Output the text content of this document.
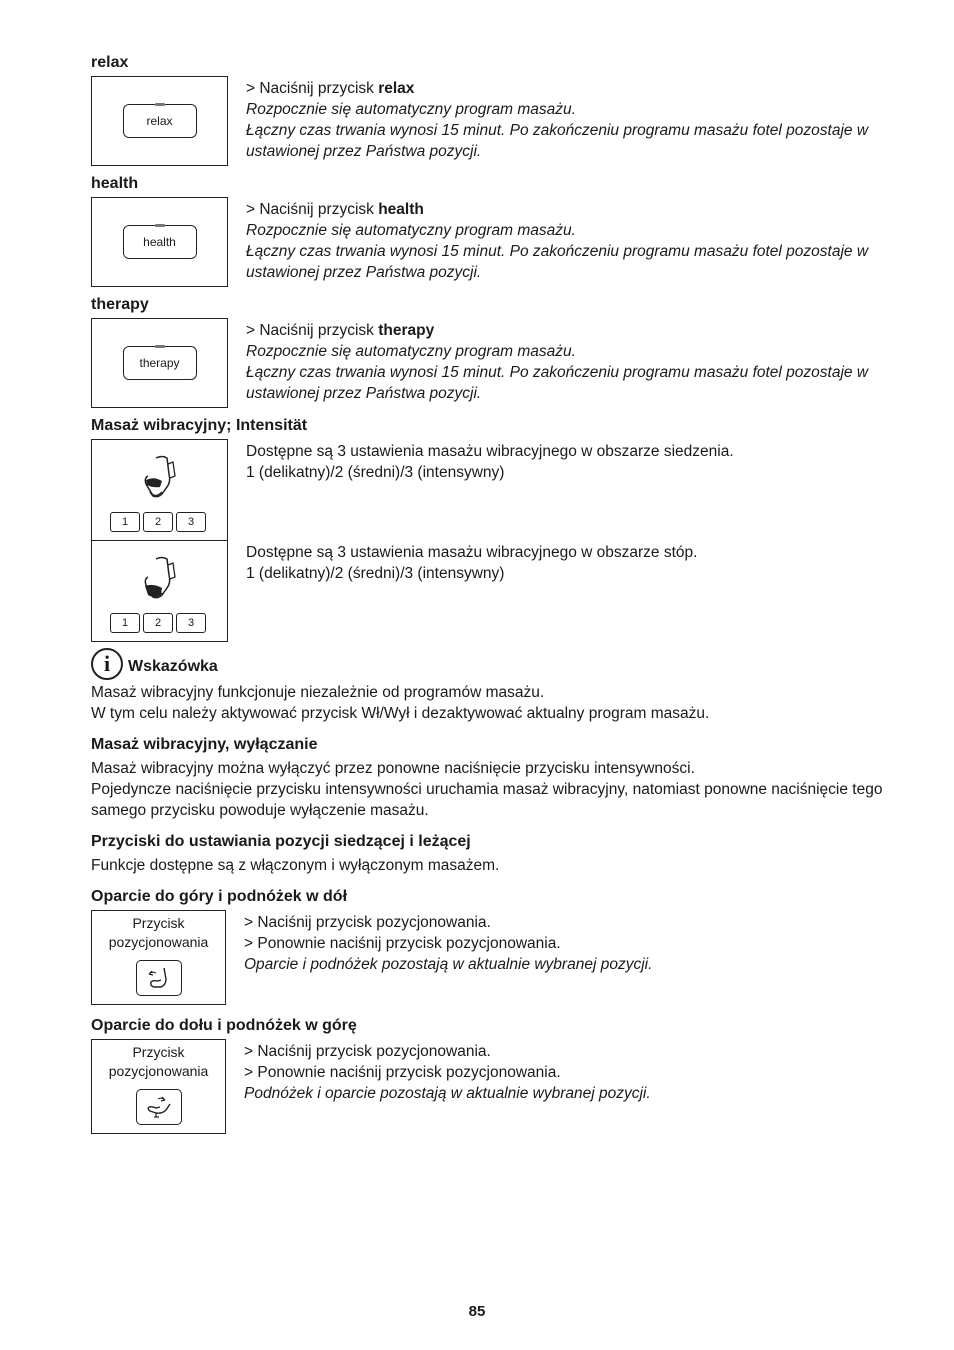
relax
relax

> Naciśnij przycisk relax

Rozpocznie się automatyczny program masażu.

Łączny czas trwania wynosi 15 minut. Po zakończeniu programu masażu fotel pozostaje w ustawionej przez Państwa pozycji.

health
health

> Naciśnij przycisk health

Rozpocznie się automatyczny program masażu.

Łączny czas trwania wynosi 15 minut. Po zakończeniu programu masażu fotel pozostaje w ustawionej przez Państwa pozycji.

therapy
therapy

> Naciśnij przycisk therapy

Rozpocznie się automatyczny program masażu.

Łączny czas trwania wynosi 15 minut. Po zakończeniu programu masażu fotel pozostaje w ustawionej przez Państwa pozycji.

Masaż wibracyjny; Intensität
1	2	3

Dostępne są 3 ustawienia masażu wibracyjnego w obszarze siedzenia.

1 (delikatny)/2 (średni)/3 (intensywny)

1	2	3

Dostępne są 3 ustawienia masażu wibracyjnego w obszarze stóp.

1 (delikatny)/2 (średni)/3 (intensywny)

i	Wskazówka

Masaż wibracyjny funkcjonuje niezależnie od programów masażu.

W tym celu należy aktywować przycisk Wł/Wył i dezaktywować aktualny program masażu.

Masaż wibracyjny, wyłączanie

Masaż wibracyjny można wyłączyć przez ponowne naciśnięcie przycisku intensywności.

Pojedyncze naciśnięcie przycisku intensywności uruchamia masaż wibracyjny, natomiast ponowne naciśnięcie tego samego przycisku powoduje wyłączenie masażu.

Przyciski do ustawiania pozycji siedzącej i leżącej

Funkcje dostępne są z włączonym i wyłączonym masażem.

Oparcie do góry i podnóżek w dół
Przycisk
pozycjonowania

> Naciśnij przycisk pozycjonowania.

> Ponownie naciśnij przycisk pozycjonowania.

Oparcie i podnóżek pozostają w aktualnie wybranej pozycji.

Oparcie do dołu i podnóżek w górę
Przycisk
pozycjonowania

> Naciśnij przycisk pozycjonowania.

> Ponownie naciśnij przycisk pozycjonowania.

Podnóżek i oparcie pozostają w aktualnie wybranej pozycji.

85
